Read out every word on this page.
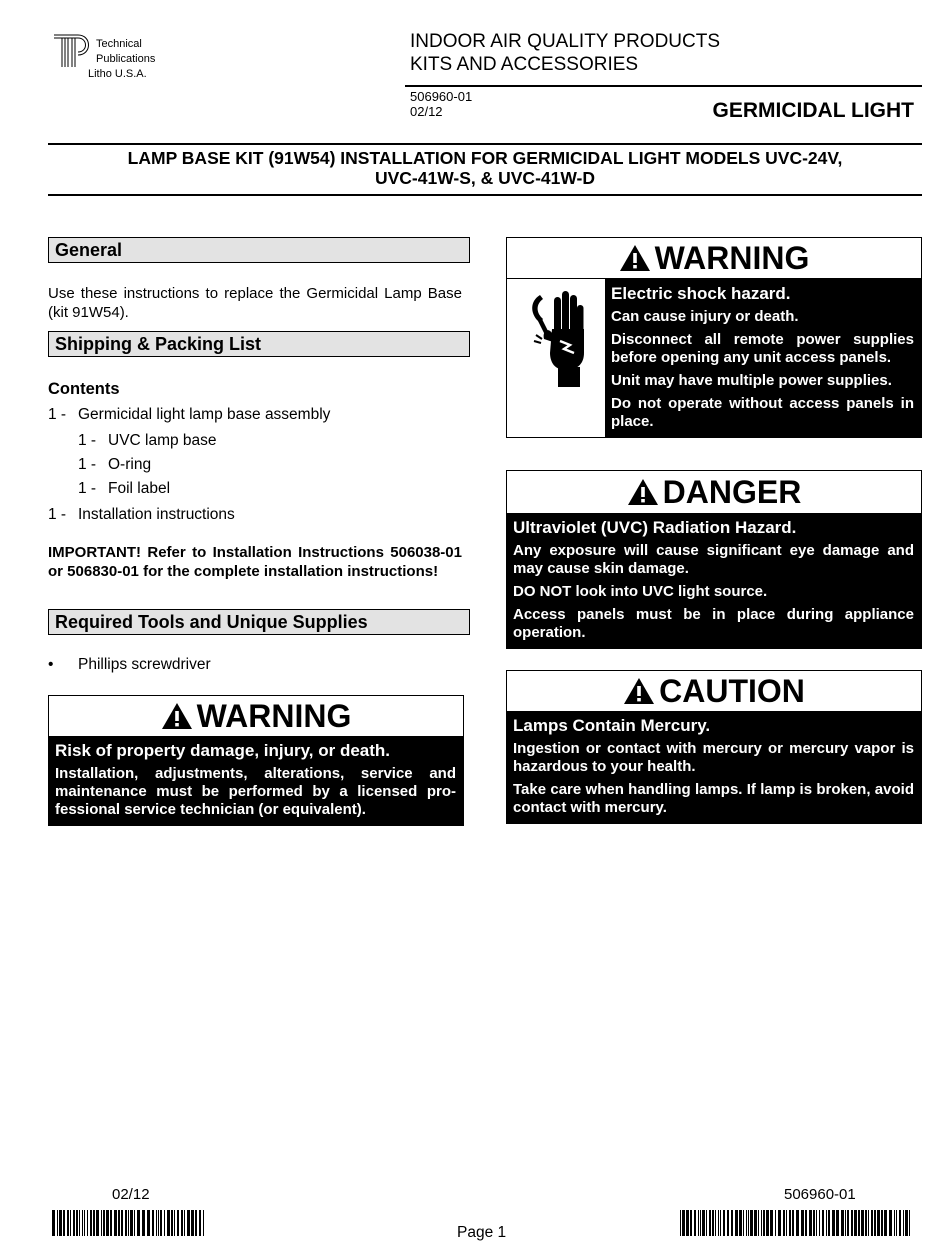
Technical
Publications
Litho U.S.A.
INDOOR AIR QUALITY PRODUCTS
KITS AND ACCESSORIES
506960-01
02/12	GERMICIDAL LIGHT
LAMP BASE KIT (91W54) INSTALLATION FOR GERMICIDAL LIGHT MODELS UVC-24V,
UVC-41W-S, & UVC-41W-D
General
Use these instructions to replace the Germicidal Lamp Base (kit 91W54).
Shipping & Packing List
Contents
1 - Germicidal light lamp base assembly
1 - UVC lamp base
1 - O-ring
1 - Foil label
1 - Installation instructions
IMPORTANT! Refer to Installation Instructions 506038-01 or 506830-01 for the complete installation instructions!
Required Tools and Unique Supplies
• Phillips screwdriver
WARNING
Risk of property damage, injury, or death.

Installation, adjustments, alterations, service and maintenance must be performed by a licensed pro-fessional service technician (or equivalent).

WARNING
Electric shock hazard.

Can cause injury or death.

Disconnect all remote power supplies before opening any unit access panels.

Unit may have multiple power supplies.

Do not operate without access panels in place.

DANGER
Ultraviolet (UVC) Radiation Hazard.

Any exposure will cause significant eye damage and may cause skin damage.

DO NOT look into UVC light source.

Access panels must be in place during appliance operation.

CAUTION
Lamps Contain Mercury.

Ingestion or contact with mercury or mercury vapor is hazardous to your health.

Take care when handling lamps. If lamp is broken, avoid contact with mercury.

02/12	506960-01
Page 1
